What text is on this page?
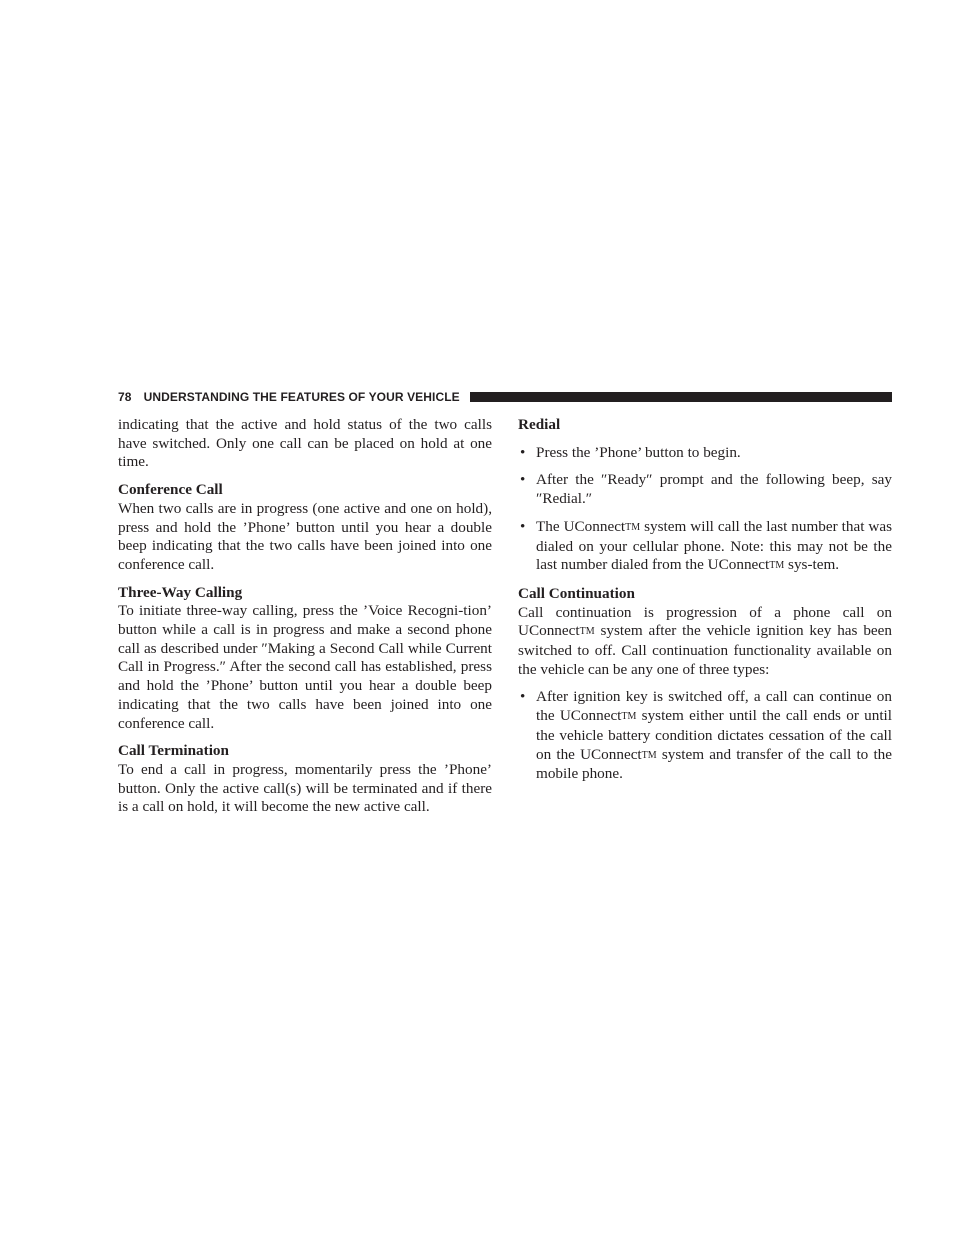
78 UNDERSTANDING THE FEATURES OF YOUR VEHICLE

indicating that the active and hold status of the two calls have switched. Only one call can be placed on hold at one time.

Conference Call

When two calls are in progress (one active and one on hold), press and hold the ’Phone’ button until you hear a double beep indicating that the two calls have been joined into one conference call.

Three-Way Calling

To initiate three-way calling, press the ’Voice Recogni-tion’ button while a call is in progress and make a second phone call as described under ″Making a Second Call while Current Call in Progress.″ After the second call has established, press and hold the ’Phone’ button until you hear a double beep indicating that the two calls have been joined into one conference call.

Call Termination

To end a call in progress, momentarily press the ’Phone’ button. Only the active call(s) will be terminated and if there is a call on hold, it will become the new active call.

Redial

• Press the ’Phone’ button to begin.
• After the ″Ready″ prompt and the following beep, say ″Redial.″
• The UConnectTM system will call the last number that was dialed on your cellular phone. Note: this may not be the last number dialed from the UConnectTM sys-tem.

Call Continuation

Call continuation is progression of a phone call on UConnectTM system after the vehicle ignition key has been switched to off. Call continuation functionality available on the vehicle can be any one of three types:

• After ignition key is switched off, a call can continue on the UConnectTM system either until the call ends or until the vehicle battery condition dictates cessation of the call on the UConnectTM system and transfer of the call to the mobile phone.
